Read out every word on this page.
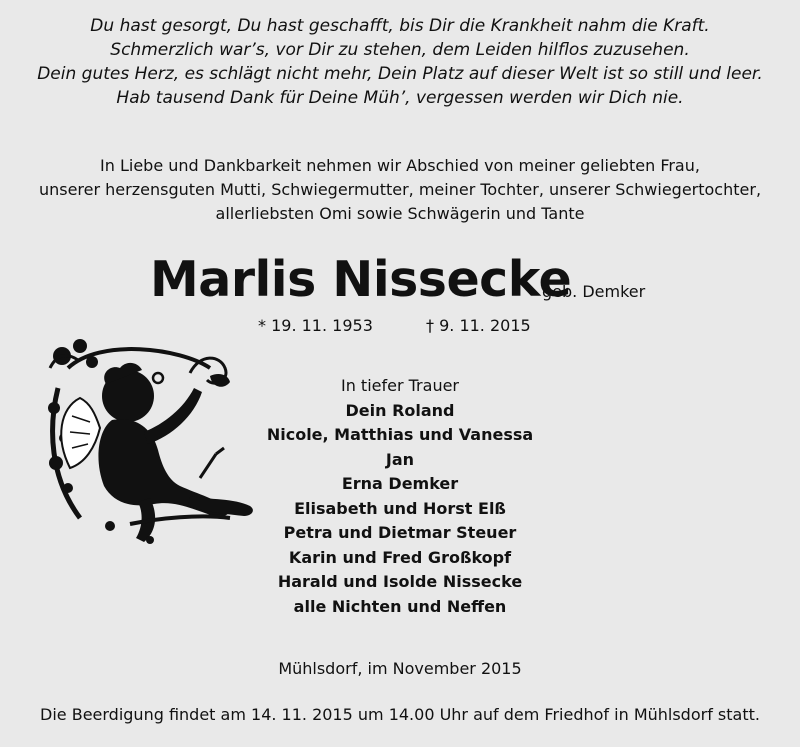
Du hast gesorgt, Du hast geschafft, bis Dir die Krankheit nahm die Kraft.
Schmerzlich war’s, vor Dir zu stehen, dem Leiden hilflos zuzusehen.
Dein gutes Herz, es schlägt nicht mehr, Dein Platz auf dieser Welt ist so still und leer.
Hab tausend Dank für Deine Müh’, vergessen werden wir Dich nie.
In Liebe und Dankbarkeit nehmen wir Abschied von meiner geliebten Frau,
unserer herzensguten Mutti, Schwiegermutter, meiner Tochter, unserer Schwiegertochter,
allerliebsten Omi sowie Schwägerin und Tante
Marlis Nissecke
geb. Demker
* 19. 11. 1953	† 9. 11. 2015
In tiefer Trauer
Dein Roland
Nicole, Matthias und Vanessa
Jan
Erna Demker
Elisabeth und Horst Elß
Petra und Dietmar Steuer
Karin und Fred Großkopf
Harald und Isolde Nissecke
alle Nichten und Neffen
Mühlsdorf, im November 2015
Die Beerdigung findet am 14. 11. 2015 um 14.00 Uhr auf dem Friedhof in Mühlsdorf statt.
